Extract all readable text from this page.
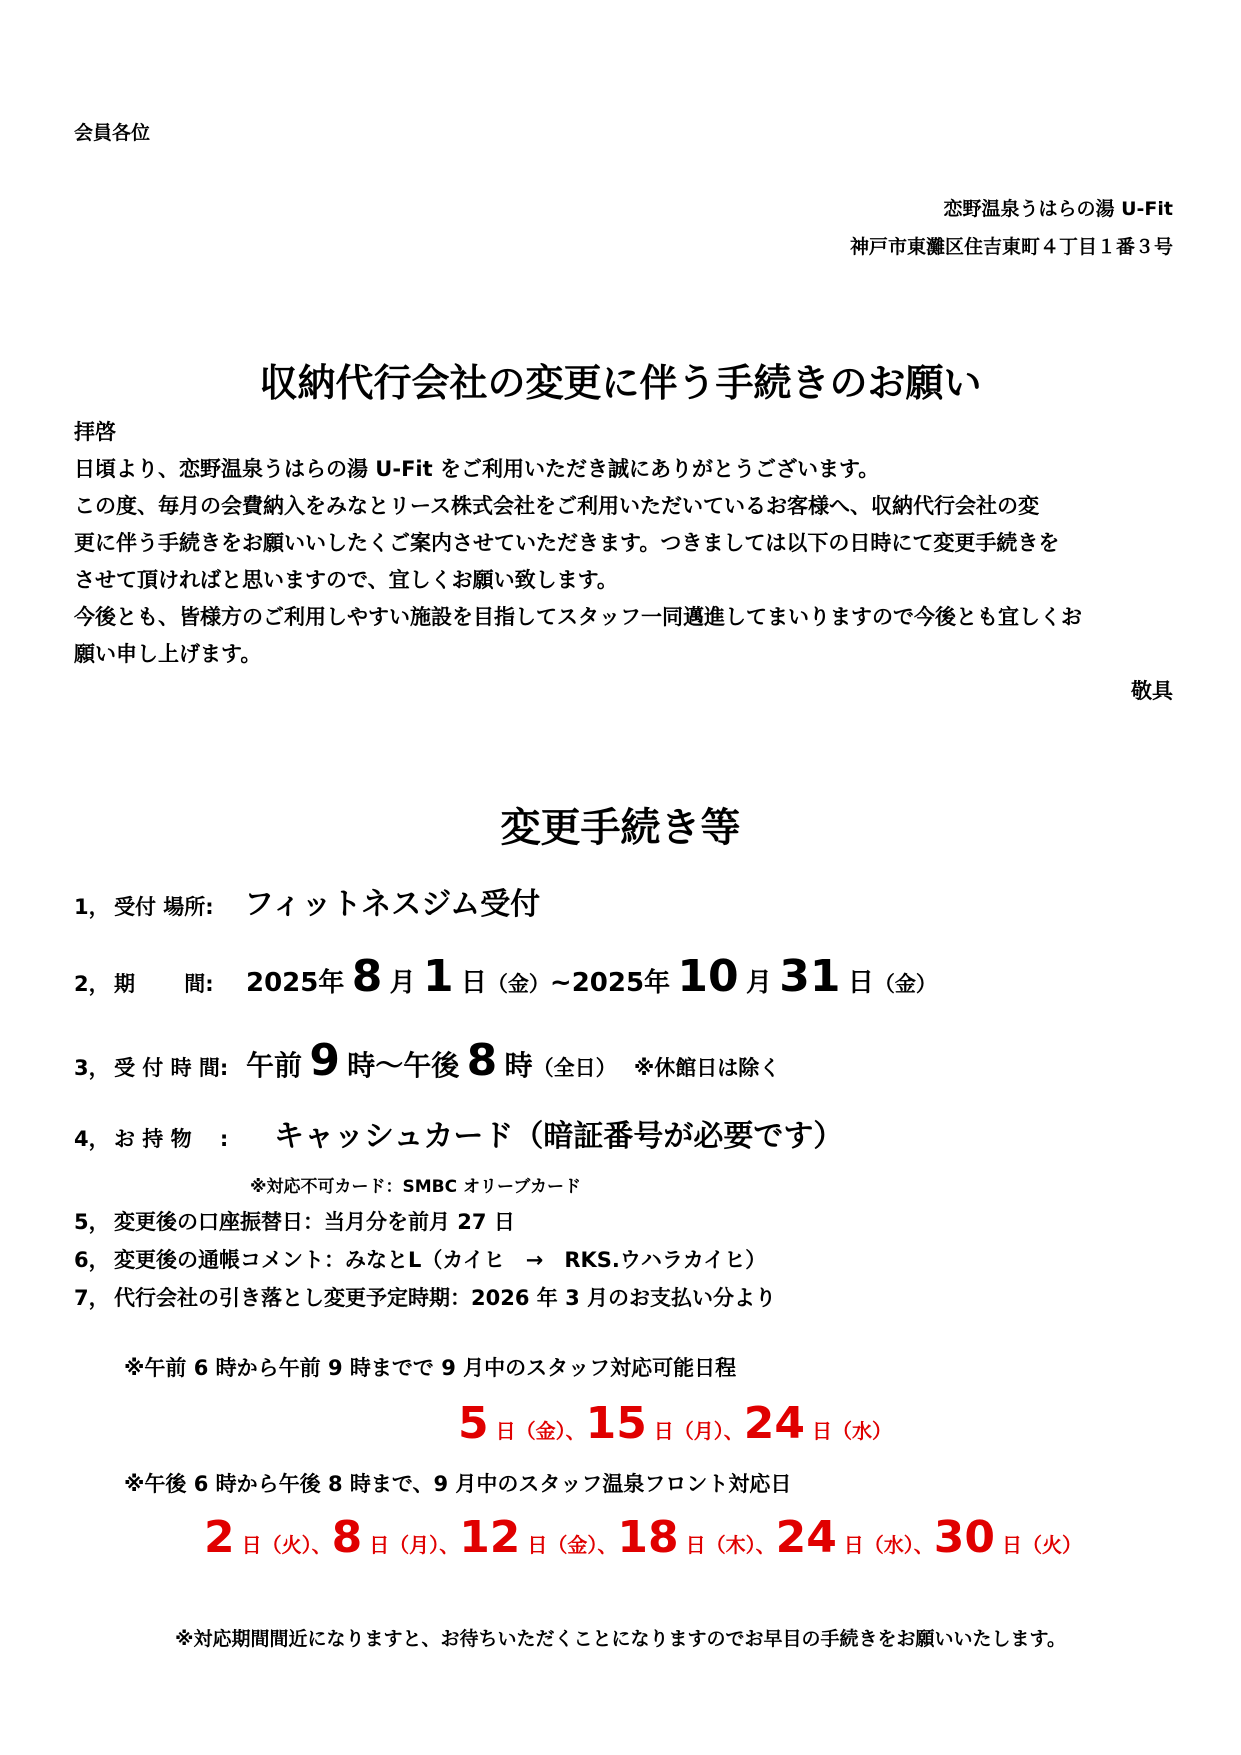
会員各位
恋野温泉うはらの湯 U-Fit
神戸市東灘区住吉東町４丁目１番３号
収納代行会社の変更に伴う手続きのお願い
拝啓
日頃より、恋野温泉うはらの湯 U-Fit をご利用いただき誠にありがとうございます。
この度、毎月の会費納入をみなとリース株式会社をご利用いただいているお客様へ、収納代行会社の変
更に伴う手続きをお願いいしたくご案内させていただきます。つきましては以下の日時にて変更手続きを
させて頂ければと思いますので、宜しくお願い致します。
今後とも、皆様方のご利用しやすい施設を目指してスタッフ一同邁進してまいりますので今後とも宜しくお
願い申し上げます。
敬具
変更手続き等
1， 受付 場所: フィットネスジム受付
2， 期　　 間: 2025年 8 月 1 日（金）~2025年 10 月 31 日（金）
3， 受 付 時 間: 午前 9 時～午後 8 時（全日） ※休館日は除く
4， お 持 物 　: キャッシュカード（暗証番号が必要です）
※対応不可カード：SMBC オリーブカード
5， 変更後の口座振替日：当月分を前月 27 日
6， 変更後の通帳コメント：みなとL（カイヒ　→　RKS.ウハラカイヒ）
7， 代行会社の引き落とし変更予定時期：2026 年 3 月のお支払い分より
※午前 6 時から午前 9 時までで 9 月中のスタッフ対応可能日程
5 日（金）、15 日（月）、24 日（水）
※午後 6 時から午後 8 時まで、9 月中のスタッフ温泉フロント対応日
2 日（火）、8 日（月）、12 日（金）、18 日（木）、24 日（水）、30 日（火）
※対応期間間近になりますと、お待ちいただくことになりますのでお早目の手続きをお願いいたします。
